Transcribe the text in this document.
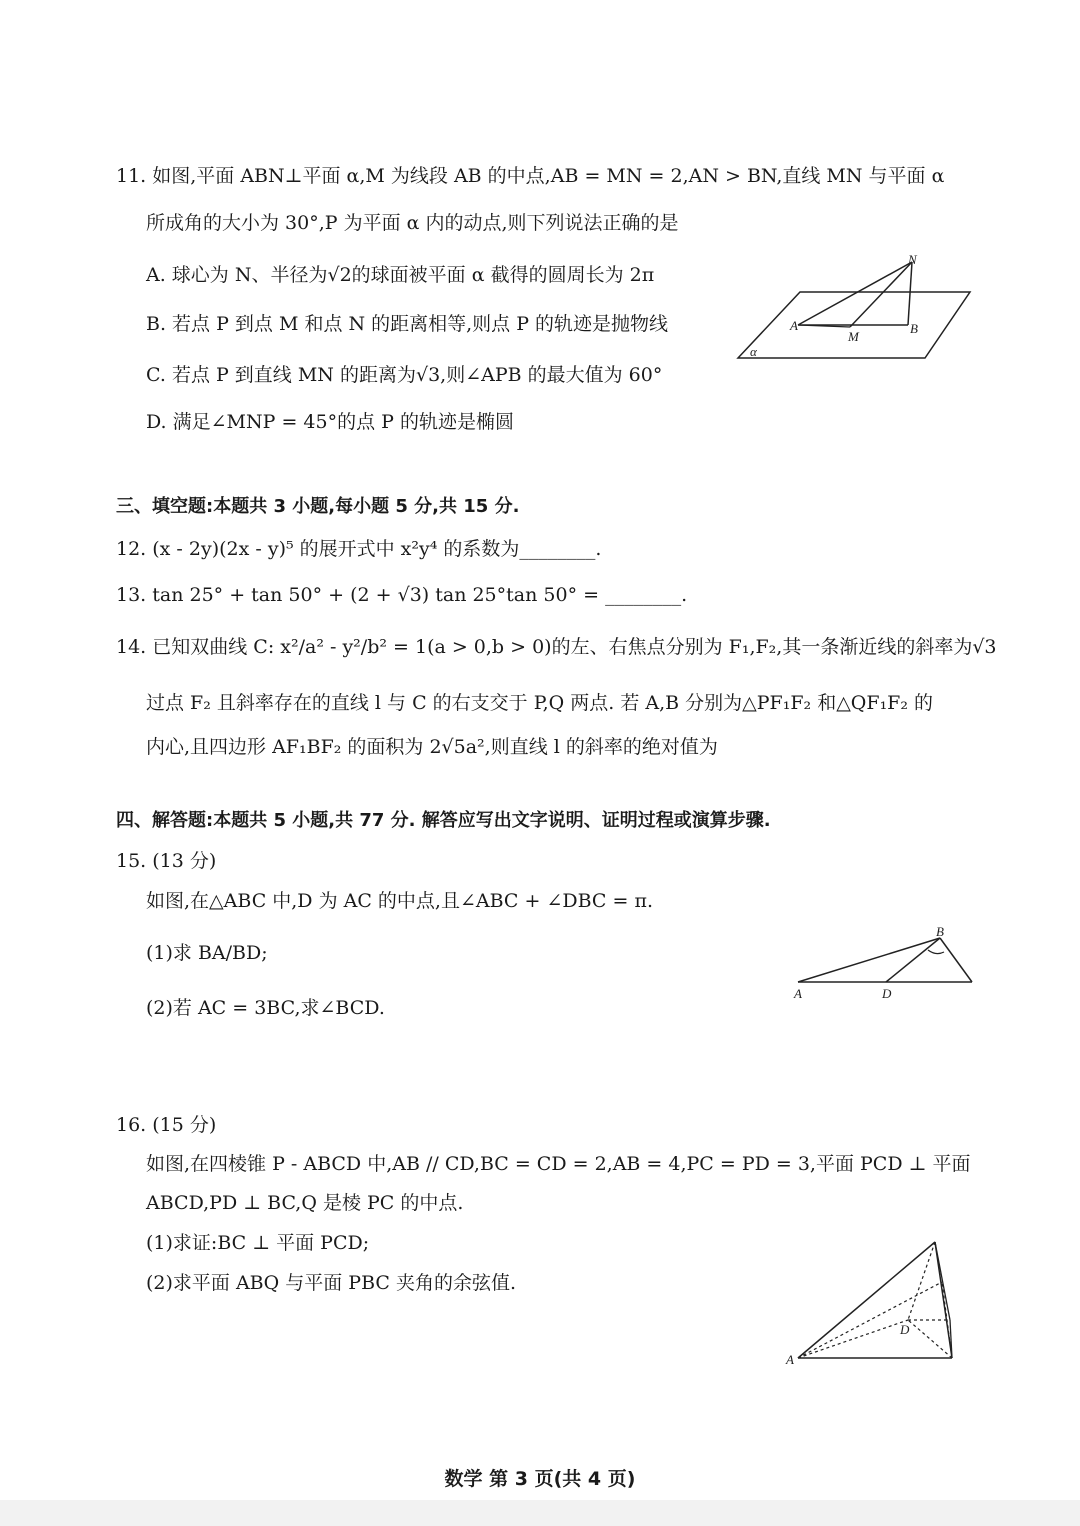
11. 如图,平面 ABN⊥平面 α,M 为线段 AB 的中点,AB = MN = 2,AN > BN,直线 MN 与平面 α
所成角的大小为 30°,P 为平面 α 内的动点,则下列说法正确的是
A. 球心为 N、半径为√2的球面被平面 α 截得的圆周长为 2π
B. 若点 P 到点 M 和点 N 的距离相等,则点 P 的轨迹是抛物线
C. 若点 P 到直线 MN 的距离为√3,则∠APB 的最大值为 60°
D. 满足∠MNP = 45°的点 P 的轨迹是椭圆
N
A
M
B
α
三、填空题:本题共 3 小题,每小题 5 分,共 15 分.
12. (x - 2y)(2x - y)⁵ 的展开式中 x²y⁴ 的系数为________.
13. tan 25° + tan 50° + (2 + √3) tan 25°tan 50° = ________.
14. 已知双曲线 C: x²/a² - y²/b² = 1(a > 0,b > 0)的左、右焦点分别为 F₁,F₂,其一条渐近线的斜率为√3
过点 F₂ 且斜率存在的直线 l 与 C 的右支交于 P,Q 两点. 若 A,B 分别为△PF₁F₂ 和△QF₁F₂ 的
内心,且四边形 AF₁BF₂ 的面积为 2√5a²,则直线 l 的斜率的绝对值为
四、解答题:本题共 5 小题,共 77 分. 解答应写出文字说明、证明过程或演算步骤.
15. (13 分)
如图,在△ABC 中,D 为 AC 的中点,且∠ABC + ∠DBC = π.
(1)求 BA/BD;
(2)若 AC = 3BC,求∠BCD.
A	D
B
16. (15 分)
如图,在四棱锥 P - ABCD 中,AB // CD,BC = CD = 2,AB = 4,PC = PD = 3,平面 PCD ⊥ 平面
ABCD,PD ⊥ BC,Q 是棱 PC 的中点.
(1)求证:BC ⊥ 平面 PCD;
(2)求平面 ABQ 与平面 PBC 夹角的余弦值.
A
D
数学 第 3 页(共 4 页)
